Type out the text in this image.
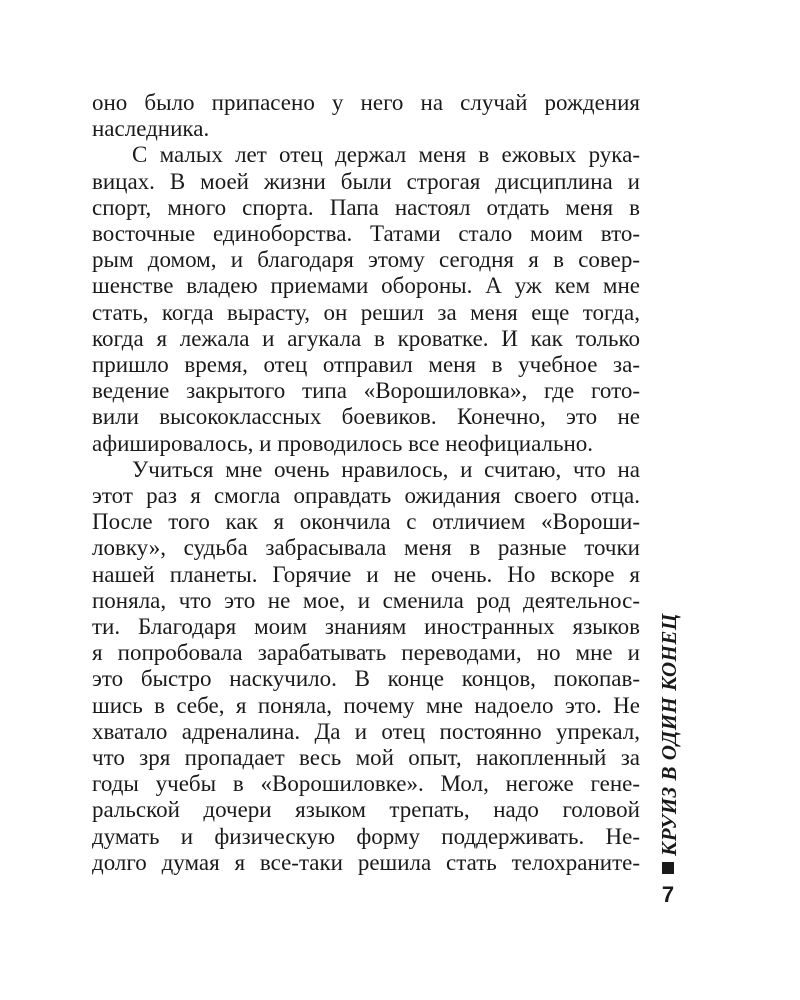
оно было припасено у него на случай рождения
наследника.
С малых лет отец держал меня в ежовых рука-
вицах. В моей жизни были строгая дисциплина и
спорт, много спорта. Папа настоял отдать меня в
восточные единоборства. Татами стало моим вто-
рым домом, и благодаря этому сегодня я в совер-
шенстве владею приемами обороны. А уж кем мне
стать, когда вырасту, он решил за меня еще тогда,
когда я лежала и агукала в кроватке. И как только
пришло время, отец отправил меня в учебное за-
ведение закрытого типа «Ворошиловка», где гото-
вили высококлассных боевиков. Конечно, это не
афишировалось, и проводилось все неофициально.
Учиться мне очень нравилось, и считаю, что на
этот раз я смогла оправдать ожидания своего отца.
После того как я окончила с отличием «Вороши-
ловку», судьба забрасывала меня в разные точки
нашей планеты. Горячие и не очень. Но вскоре я
поняла, что это не мое, и сменила род деятельнос-
ти. Благодаря моим знаниям иностранных языков
я попробовала зарабатывать переводами, но мне и
это быстро наскучило. В конце концов, покопав-
шись в себе, я поняла, почему мне надоело это. Не
хватало адреналина. Да и отец постоянно упрекал,
что зря пропадает весь мой опыт, накопленный за
годы учебы в «Ворошиловке». Мол, негоже гене-
ральской дочери языком трепать, надо головой
думать и физическую форму поддерживать. Не-
долго думая я все-таки решила стать телохраните-
КРУИЗ В ОДИН КОНЕЦ
7
